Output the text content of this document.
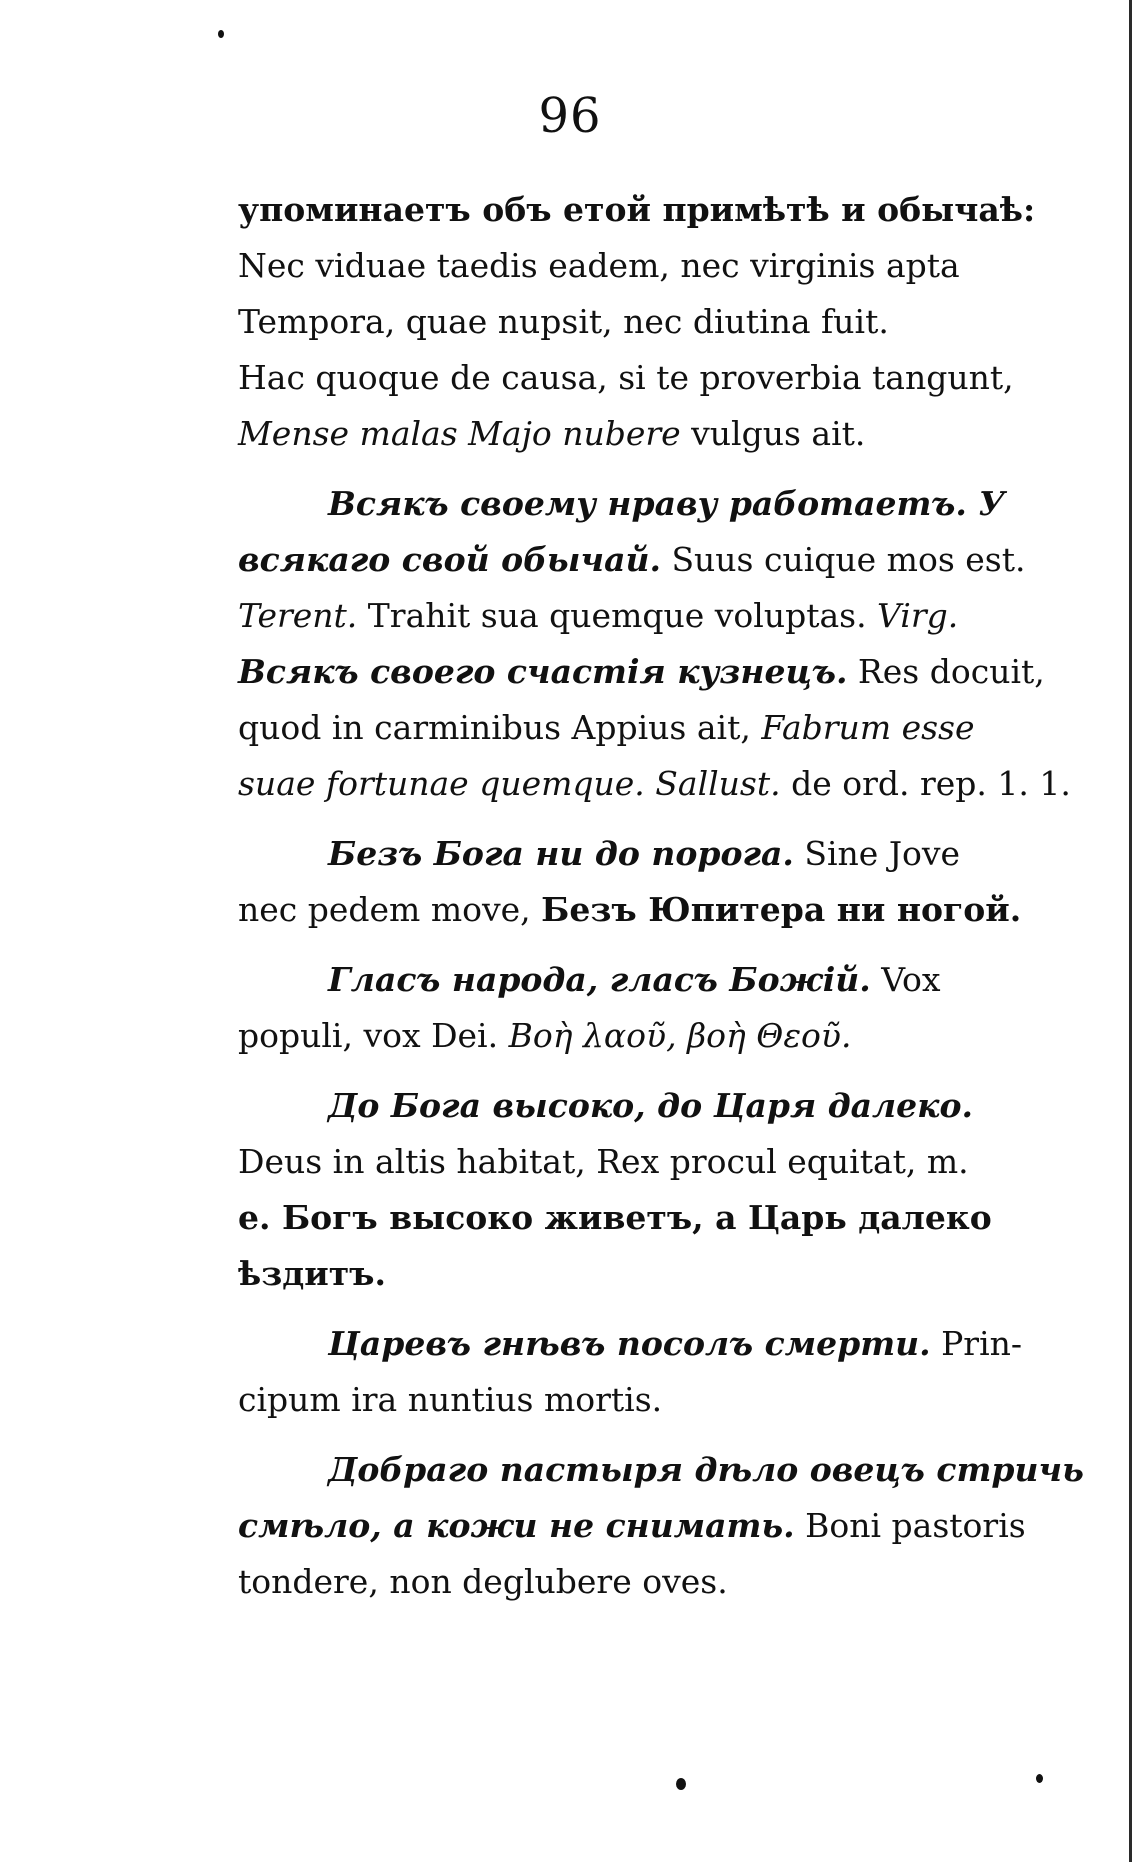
96
упоминаетъ объ етой примѣтѣ и обычаѣ:
Nec viduae taedis eadem, nec virginis apta
Tempora, quae nupsit, nec diutina fuit.
Hac quoque de causa, si te proverbia tangunt,
Mense malas Majo nubere vulgus ait.
Всякъ своему нраву работаетъ. У
всякаго свой обычай. Suus cuique mos est.
Terent. Trahit sua quemque voluptas. Virg.
Всякъ своего счастія кузнецъ. Res docuit,
quod in carminibus Appius ait, Fabrum esse
suae fortunae quemque. Sallust. de ord. rep. 1. 1.
Безъ Бога ни до порога. Sine Jove
nec pedem move, Безъ Юпитера ни ногой.
Гласъ народа, гласъ Божій. Vox
populi, vox Dei. Βοὴ λαοῦ, βοὴ Θεοῦ.
До Бога высоко, до Царя далеко.
Deus in altis habitat, Rex procul equitat, m.
е. Богъ высоко живетъ, а Царь далеко
ѣздитъ.
Царевъ гнѣвъ посолъ смерти. Prin-
cipum ira nuntius mortis.
Добраго пастыря дѣло овецъ стричь
смѣло, а кожи не снимать. Boni pastoris
tondere, non deglubere oves.
